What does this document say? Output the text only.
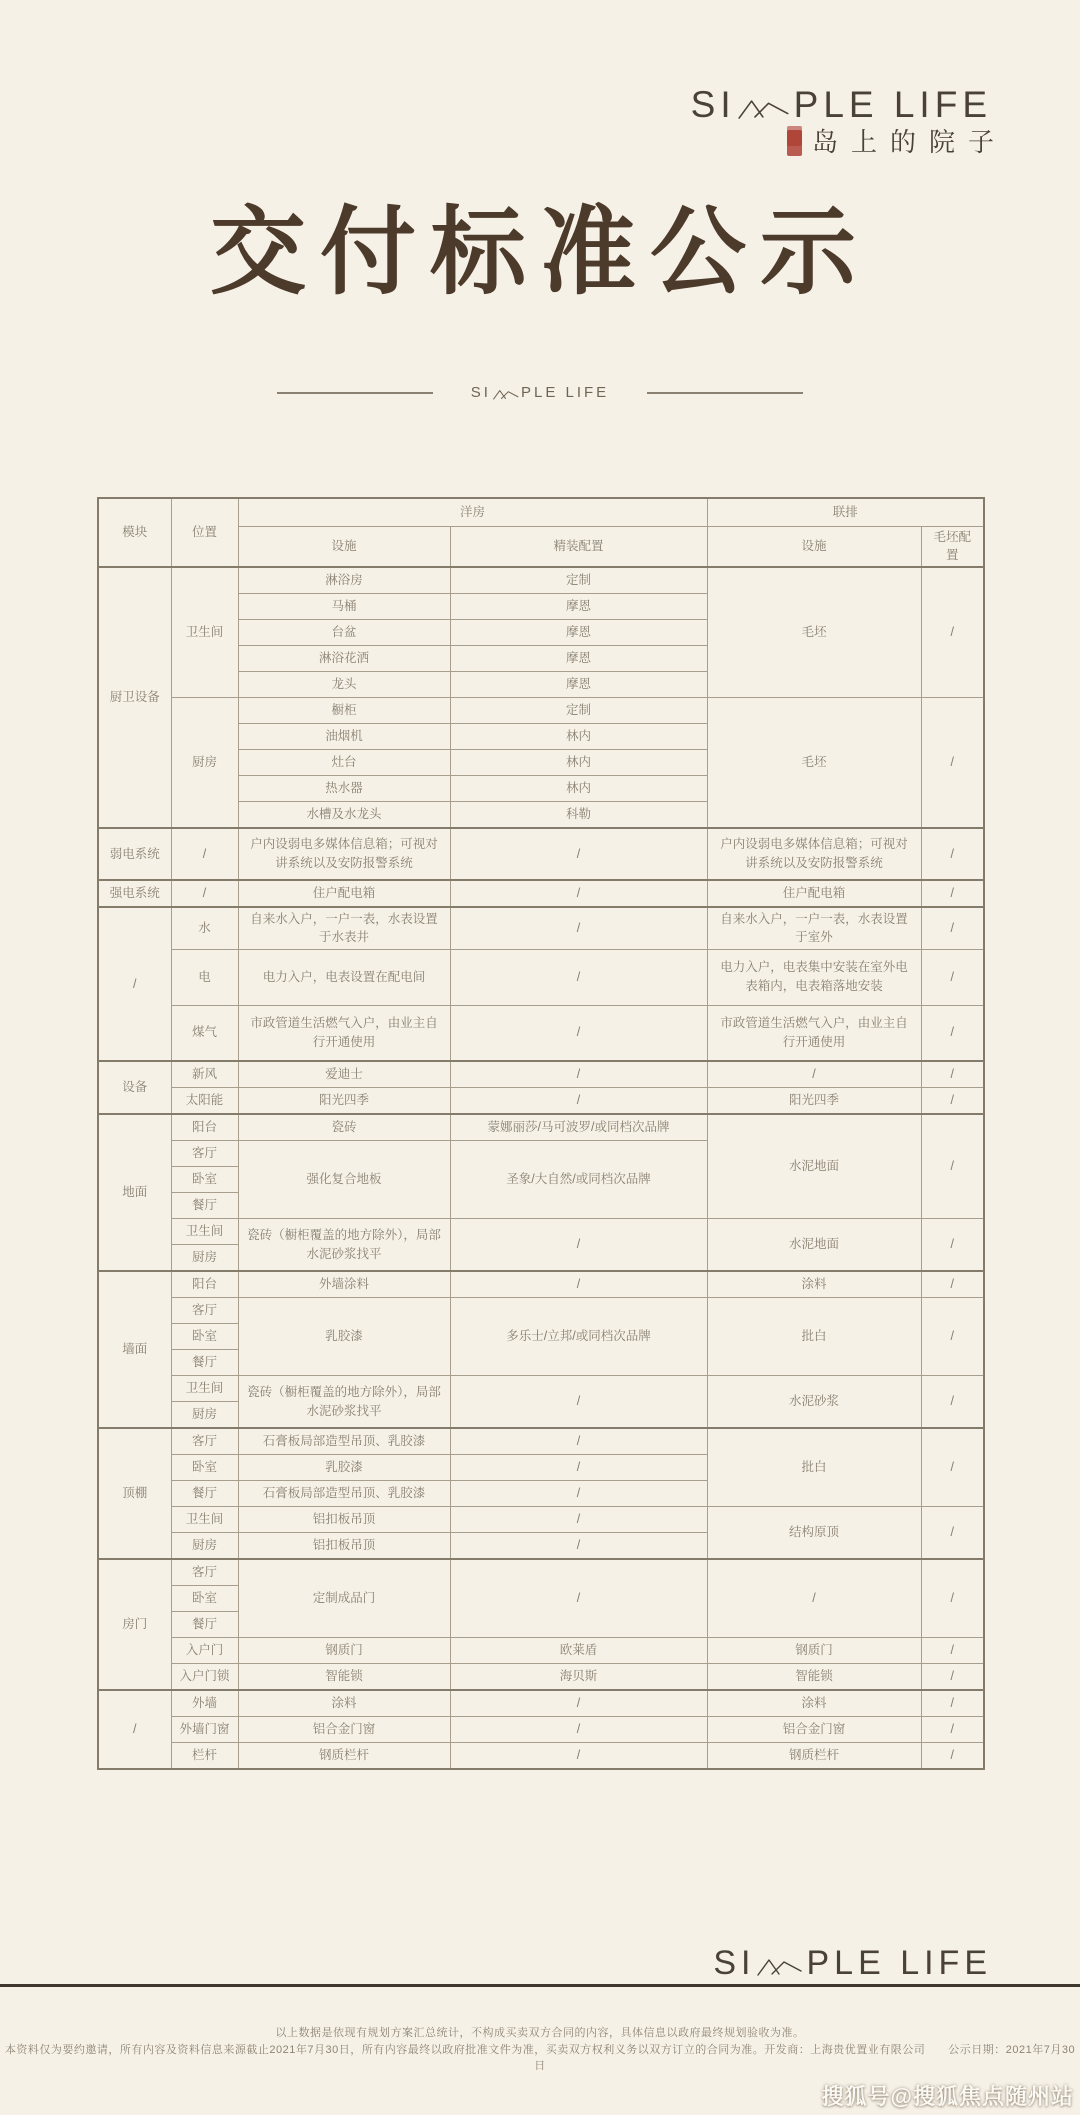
SI PLE LIFE
岛上的院子
交付标准公示
SI PLE LIFE
模块	位置	洋房		联排	
		设施	精装配置	设施	毛坯配置
厨卫设备	卫生间	淋浴房	定制	毛坯	/
		马桶	摩恩		
		台盆	摩恩		
		淋浴花洒	摩恩		
		龙头	摩恩		
	厨房	橱柜	定制	毛坯	/
		油烟机	林内		
		灶台	林内		
		热水器	林内		
		水槽及水龙头	科勒		
弱电系统	/	户内设弱电多媒体信息箱；可视对讲系统以及安防报警系统	/	户内设弱电多媒体信息箱；可视对讲系统以及安防报警系统	/
强电系统	/	住户配电箱	/	住户配电箱	/
/	水	自来水入户，一户一表，水表设置于水表井	/	自来水入户，一户一表，水表设置于室外	/
	电	电力入户，电表设置在配电间	/	电力入户，电表集中安装在室外电表箱内，电表箱落地安装	/
	煤气	市政管道生活燃气入户，由业主自行开通使用	/	市政管道生活燃气入户，由业主自行开通使用	/
设备	新风	爱迪士	/	/	/
	太阳能	阳光四季	/	阳光四季	/
地面	阳台	瓷砖	蒙娜丽莎/马可波罗/或同档次品牌	水泥地面	/
	客厅	强化复合地板	圣象/大自然/或同档次品牌		
	卧室				
	餐厅				
	卫生间	瓷砖（橱柜覆盖的地方除外），局部水泥砂浆找平	/	水泥地面	/
	厨房				
墙面	阳台	外墙涂料	/	涂料	/
	客厅	乳胶漆	多乐士/立邦/或同档次品牌	批白	/
	卧室				
	餐厅				
	卫生间	瓷砖（橱柜覆盖的地方除外），局部水泥砂浆找平	/	水泥砂浆	/
	厨房				
顶棚	客厅	石膏板局部造型吊顶、乳胶漆	/	批白	/
	卧室	乳胶漆	/		
	餐厅	石膏板局部造型吊顶、乳胶漆	/		
	卫生间	铝扣板吊顶	/	结构原顶	/
	厨房	铝扣板吊顶	/		
房门	客厅	定制成品门	/	/	/
	卧室				
	餐厅				
	入户门	钢质门	欧莱盾	钢质门	/
	入户门锁	智能锁	海贝斯	智能锁	/
/	外墙	涂料	/	涂料	/
	外墙门窗	铝合金门窗	/	铝合金门窗	/
	栏杆	钢质栏杆	/	钢质栏杆	/
SI PLE LIFE
以上数据是依现有规划方案汇总统计，不构成买卖双方合同的内容，具体信息以政府最终规划验收为准。
本资料仅为要约邀请，所有内容及资料信息来源截止2021年7月30日，所有内容最终以政府批准文件为准，买卖双方权利义务以双方订立的合同为准。开发商：上海贵优置业有限公司　　公示日期：2021年7月30日
搜狐号@搜狐焦点随州站
